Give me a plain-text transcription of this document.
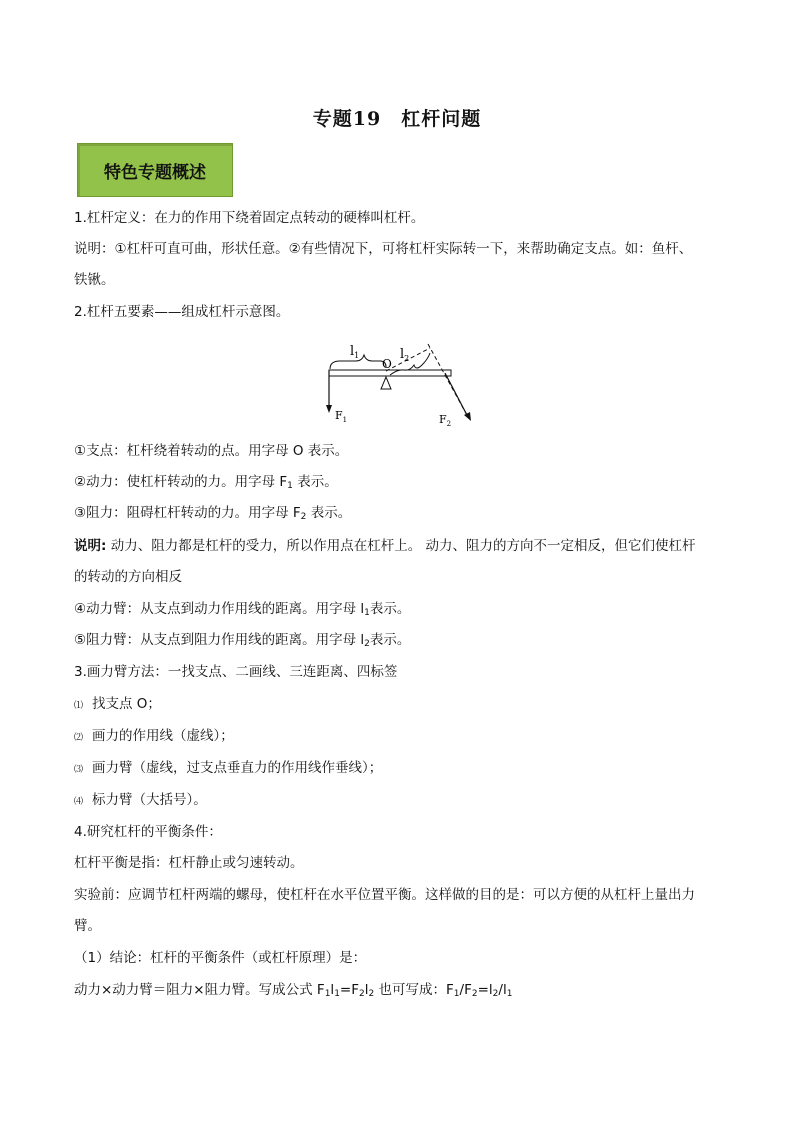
专题19　杠杆问题
特色专题概述
1.杠杆定义：在力的作用下绕着固定点转动的硬棒叫杠杆。
说明：①杠杆可直可曲，形状任意。②有些情况下，可将杠杆实际转一下，来帮助确定支点。如：鱼杆、
铁锹。
2.杠杆五要素——组成杠杆示意图。
$l_1$
O
$l_2$
$F_1$	$F_2$
①支点：杠杆绕着转动的点。用字母 O 表示。
②动力：使杠杆转动的力。用字母 $F_1$ 表示。
③阻力：阻碍杠杆转动的力。用字母 $F_2$ 表示。
说明: 动力、阻力都是杠杆的受力，所以作用点在杠杆上。 动力、阻力的方向不一定相反，但它们使杠杆
的转动的方向相反
④动力臂：从支点到动力作用线的距离。用字母 $l_1$表示。
⑤阻力臂：从支点到阻力作用线的距离。用字母 $l_2$表示。
3.画力臂方法：一找支点、二画线、三连距离、四标签
⑴ 找支点 O；
⑵ 画力的作用线（虚线）；
⑶ 画力臂（虚线，过支点垂直力的作用线作垂线）；
⑷ 标力臂（大括号）。
4.研究杠杆的平衡条件：
杠杆平衡是指：杠杆静止或匀速转动。
实验前：应调节杠杆两端的螺母，使杠杆在水平位置平衡。这样做的目的是：可以方便的从杠杆上量出力
臂。
（1）结论：杠杆的平衡条件（或杠杆原理）是：
动力×动力臂＝阻力×阻力臂。写成公式 $F_1l_1=F_2l_2$ 也可写成：$F_1/F_2=l_2/l_1$
